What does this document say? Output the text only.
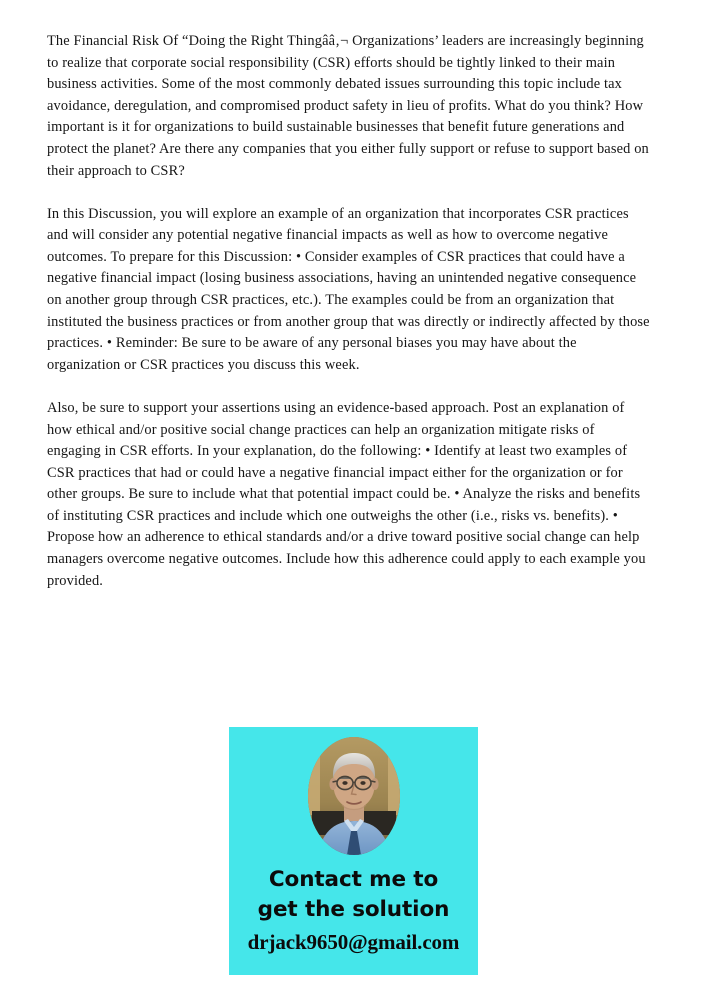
The Financial Risk Of “Doing the Right Thingââ‚¬ Organizations’ leaders are increasingly beginning to realize that corporate social responsibility (CSR) efforts should be tightly linked to their main business activities. Some of the most commonly debated issues surrounding this topic include tax avoidance, deregulation, and compromised product safety in lieu of profits. What do you think? How important is it for organizations to build sustainable businesses that benefit future generations and protect the planet? Are there any companies that you either fully support or refuse to support based on their approach to CSR?

In this Discussion, you will explore an example of an organization that incorporates CSR practices and will consider any potential negative financial impacts as well as how to overcome negative outcomes. To prepare for this Discussion: • Consider examples of CSR practices that could have a negative financial impact (losing business associations, having an unintended negative consequence on another group through CSR practices, etc.). The examples could be from an organization that instituted the business practices or from another group that was directly or indirectly affected by those practices. • Reminder: Be sure to be aware of any personal biases you may have about the organization or CSR practices you discuss this week.

Also, be sure to support your assertions using an evidence-based approach. Post an explanation of how ethical and/or positive social change practices can help an organization mitigate risks of engaging in CSR efforts. In your explanation, do the following: • Identify at least two examples of CSR practices that had or could have a negative financial impact either for the organization or for other groups. Be sure to include what that potential impact could be. • Analyze the risks and benefits of instituting CSR practices and include which one outweighs the other (i.e., risks vs. benefits). • Propose how an adherence to ethical standards and/or a drive toward positive social change can help managers overcome negative outcomes. Include how this adherence could apply to each example you provided.

Contact me to
get the solution
drjack9650@gmail.com
